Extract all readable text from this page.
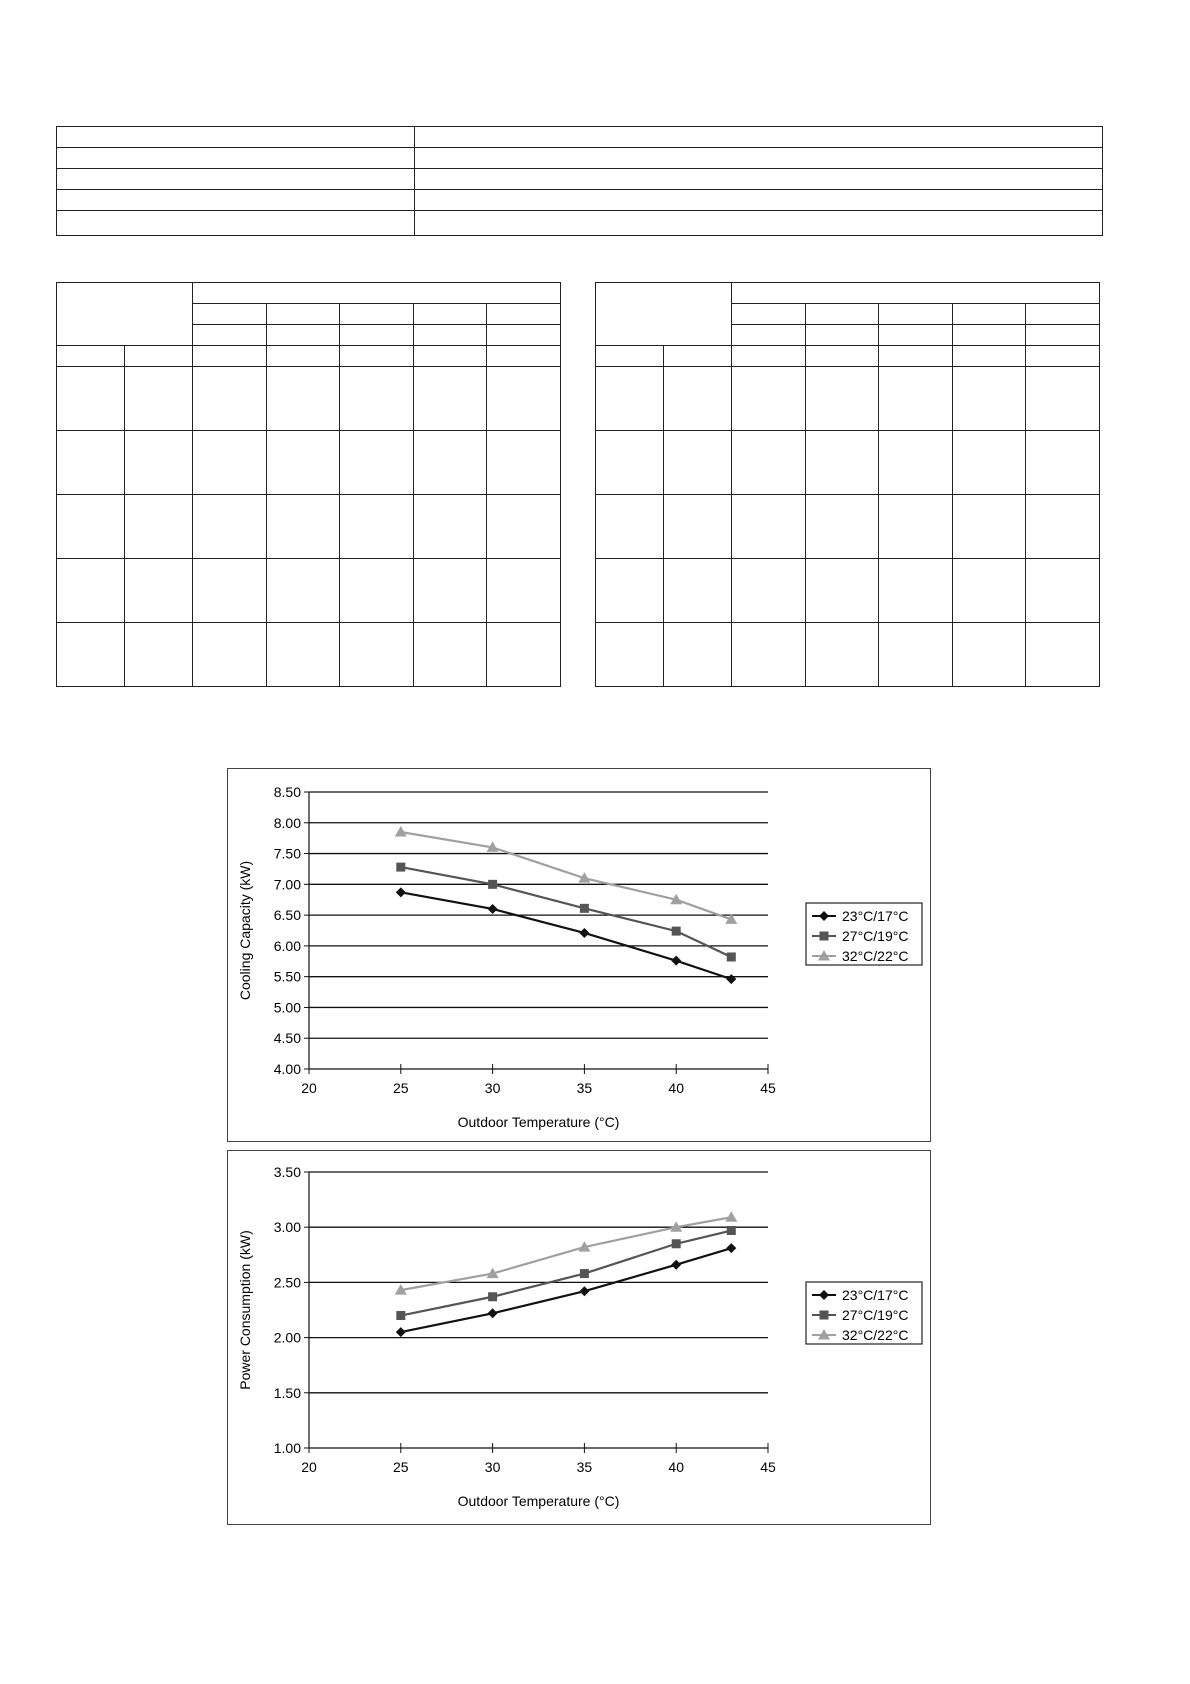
4.00
4.50
5.00
5.50
6.00
6.50
7.00
7.50
8.00
8.50
20	25	30	35	40	45
Outdoor Temperature (°C)
Cooling Capacity (kW)	23°C/17°C
27°C/19°C
32°C/22°C
1.00
1.50
2.00
2.50
3.00
3.50
20	25	30	35	40	45
Outdoor Temperature (°C)
Power Consumption (kW)	23°C/17°C
27°C/19°C
32°C/22°C
